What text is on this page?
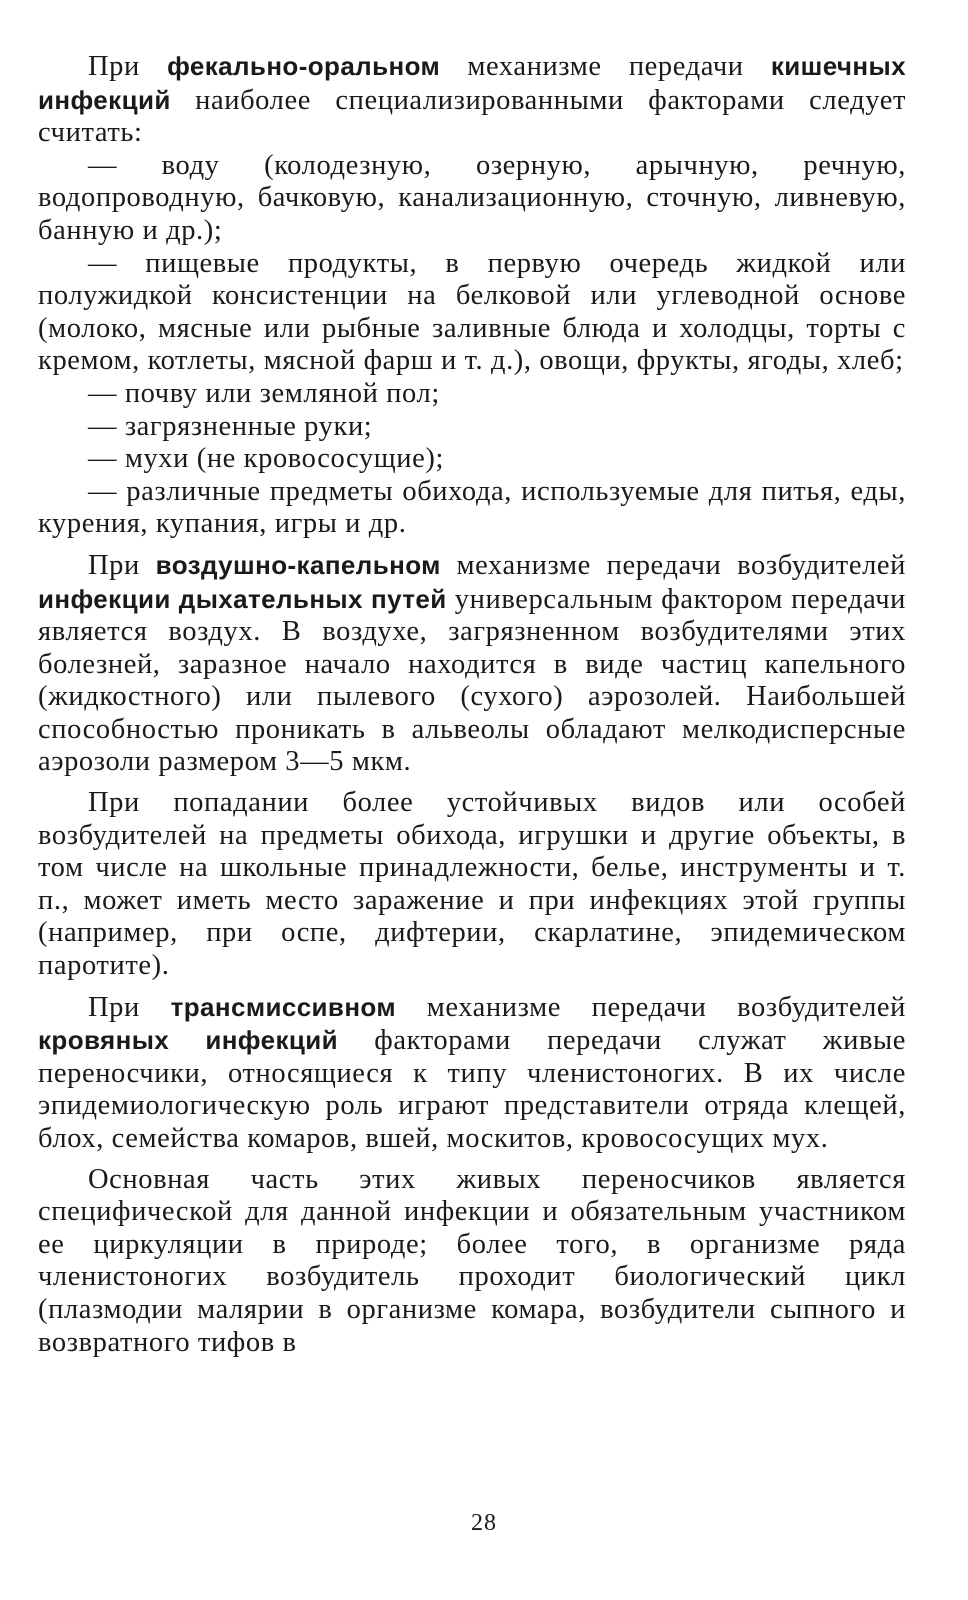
При фекально-оральном механизме передачи кишечных инфекций наиболее специализированными факторами следует считать:

— воду (колодезную, озерную, арычную, речную, водопроводную, бачковую, канализационную, сточную, ливневую, банную и др.);

— пищевые продукты, в первую очередь жидкой или полужидкой консистенции на белковой или углеводной основе (молоко, мясные или рыбные заливные блюда и холодцы, торты с кремом, котлеты, мясной фарш и т. д.), овощи, фрукты, ягоды, хлеб;

— почву или земляной пол;

— загрязненные руки;

— мухи (не кровососущие);

— различные предметы обихода, используемые для питья, еды, курения, купания, игры и др.

При воздушно-капельном механизме передачи возбудителей инфекции дыхательных путей универсальным фактором передачи является воздух. В воздухе, загрязненном возбудителями этих болезней, заразное начало находится в виде частиц капельного (жидкостного) или пылевого (сухого) аэрозолей. Наибольшей способностью проникать в альвеолы обладают мелкодисперсные аэрозоли размером 3—5 мкм.

При попадании более устойчивых видов или особей возбудителей на предметы обихода, игрушки и другие объекты, в том числе на школьные принадлежности, белье, инструменты и т. п., может иметь место заражение и при инфекциях этой группы (например, при оспе, дифтерии, скарлатине, эпидемическом паротите).

При трансмиссивном механизме передачи возбудителей кровяных инфекций факторами передачи служат живые переносчики, относящиеся к типу членистоногих. В их числе эпидемиологическую роль играют представители отряда клещей, блох, семейства комаров, вшей, москитов, кровососущих мух.

Основная часть этих живых переносчиков является специфической для данной инфекции и обязательным участником ее циркуляции в природе; более того, в организме ряда членистоногих возбудитель проходит биологический цикл (плазмодии малярии в организме комара, возбудители сыпного и возвратного тифов в

28
